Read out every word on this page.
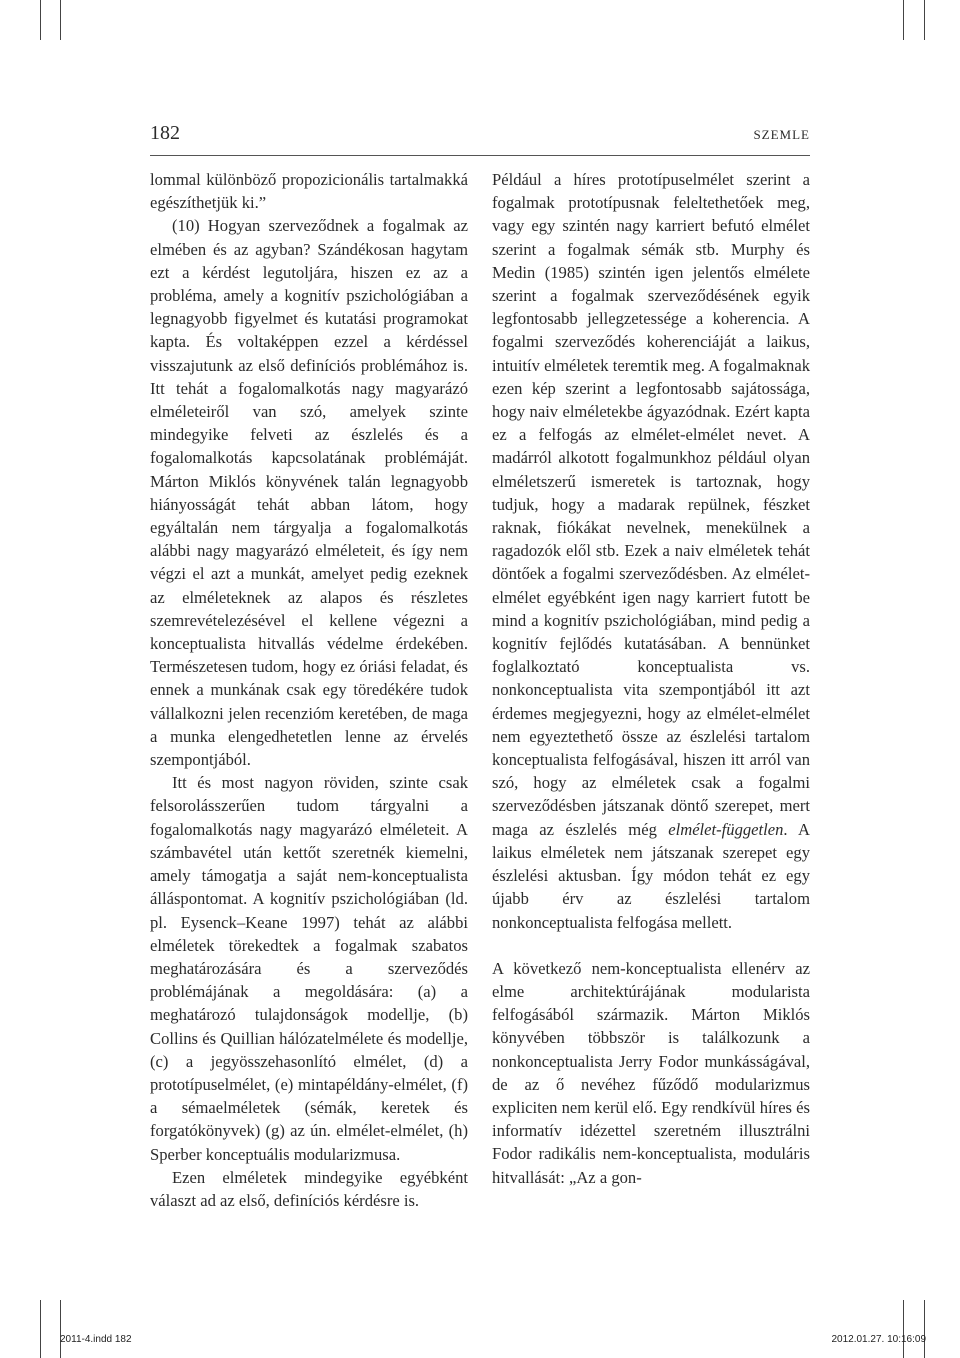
182	SZEMLE

lommal különböző propozicionális tartalmakká egészíthetjük ki.”

(10) Hogyan szerveződnek a fogalmak az elmében és az agyban? Szándékosan hagytam ezt a kérdést legutoljára, hiszen ez az a probléma, amely a kognitív pszichológiában a legnagyobb figyelmet és kutatási programokat kapta. És voltaképpen ezzel a kérdéssel visszajutunk az első definíciós problémához is. Itt tehát a fogalomalkotás nagy magyarázó elméleteiről van szó, amelyek szinte mindegyike felveti az észlelés és a fogalomalkotás kapcsolatának problémáját. Márton Miklós könyvének talán legnagyobb hiányosságát tehát abban látom, hogy egyáltalán nem tárgyalja a fogalomalkotás alábbi nagy magyarázó elméleteit, és így nem végzi el azt a munkát, amelyet pedig ezeknek az elméleteknek az alapos és részletes szemrevételezésével el kellene végezni a konceptualista hitvallás védelme érdekében. Természetesen tudom, hogy ez óriási feladat, és ennek a munkának csak egy töredékére tudok vállalkozni jelen recenzióm keretében, de maga a munka elengedhetetlen lenne az érvelés szempontjából.

Itt és most nagyon röviden, szinte csak felsorolásszerűen tudom tárgyalni a fogalomalkotás nagy magyarázó elméleteit. A számbavétel után kettőt szeretnék kiemelni, amely támogatja a saját nem-konceptualista álláspontomat. A kognitív pszichológiában (ld. pl. Eysenck–Keane 1997) tehát az alábbi elméletek törekedtek a fogalmak szabatos meghatározására és a szerveződés problémájának a megoldására: (a) a meghatározó tulajdonságok modellje, (b) Collins és Quillian hálózatelmélete és modellje, (c) a jegyösszehasonlító elmélet, (d) a prototípuselmélet, (e) mintapéldány-elmélet, (f) a sémaelméletek (sémák, keretek és forgatókönyvek) (g) az ún. elmélet-elmélet, (h) Sperber konceptuális modularizmusa.

Ezen elméletek mindegyike egyébként választ ad az első, definíciós kérdésre is.

Például a híres prototípuselmélet szerint a fogalmak prototípusnak feleltethetőek meg, vagy egy szintén nagy karriert befutó elmélet szerint a fogalmak sémák stb. Murphy és Medin (1985) szintén igen jelentős elmélete szerint a fogalmak szerveződésének egyik legfontosabb jellegzetessége a koherencia. A fogalmi szerveződés koherenciáját a laikus, intuitív elméletek teremtik meg. A fogalmaknak ezen kép szerint a legfontosabb sajátossága, hogy naiv elméletekbe ágyazódnak. Ezért kapta ez a felfogás az elmélet-elmélet nevet. A madárról alkotott fogalmunkhoz például olyan elméletszerű ismeretek is tartoznak, hogy tudjuk, hogy a madarak repülnek, fészket raknak, fiókákat nevelnek, menekülnek a ragadozók elől stb. Ezek a naiv elméletek tehát döntőek a fogalmi szerveződésben. Az elmélet-elmélet egyébként igen nagy karriert futott be mind a kognitív pszichológiában, mind pedig a kognitív fejlődés kutatásában. A bennünket foglalkoztató konceptualista vs. nonkonceptualista vita szempontjából itt azt érdemes megjegyezni, hogy az elmélet-elmélet nem egyeztethető össze az észlelési tartalom konceptualista felfogásával, hiszen itt arról van szó, hogy az elméletek csak a fogalmi szerveződésben játszanak döntő szerepet, mert maga az észlelés még elmélet-független. A laikus elméletek nem játszanak szerepet egy észlelési aktusban. Így módon tehát ez egy újabb érv az észlelési tartalom nonkonceptualista felfogása mellett.

A következő nem-konceptualista ellenérv az elme architektúrájának modularista felfogásából származik. Márton Miklós könyvében többször is találkozunk a nonkonceptualista Jerry Fodor munkásságával, de az ő nevéhez fűződő modularizmus expliciten nem kerül elő. Egy rendkívül híres és informatív idézettel szeretném illusztrálni Fodor radikális nem-konceptualista, moduláris hitvallását: „Az a gon-

2011-4.indd 182	2012.01.27. 10:16:09
